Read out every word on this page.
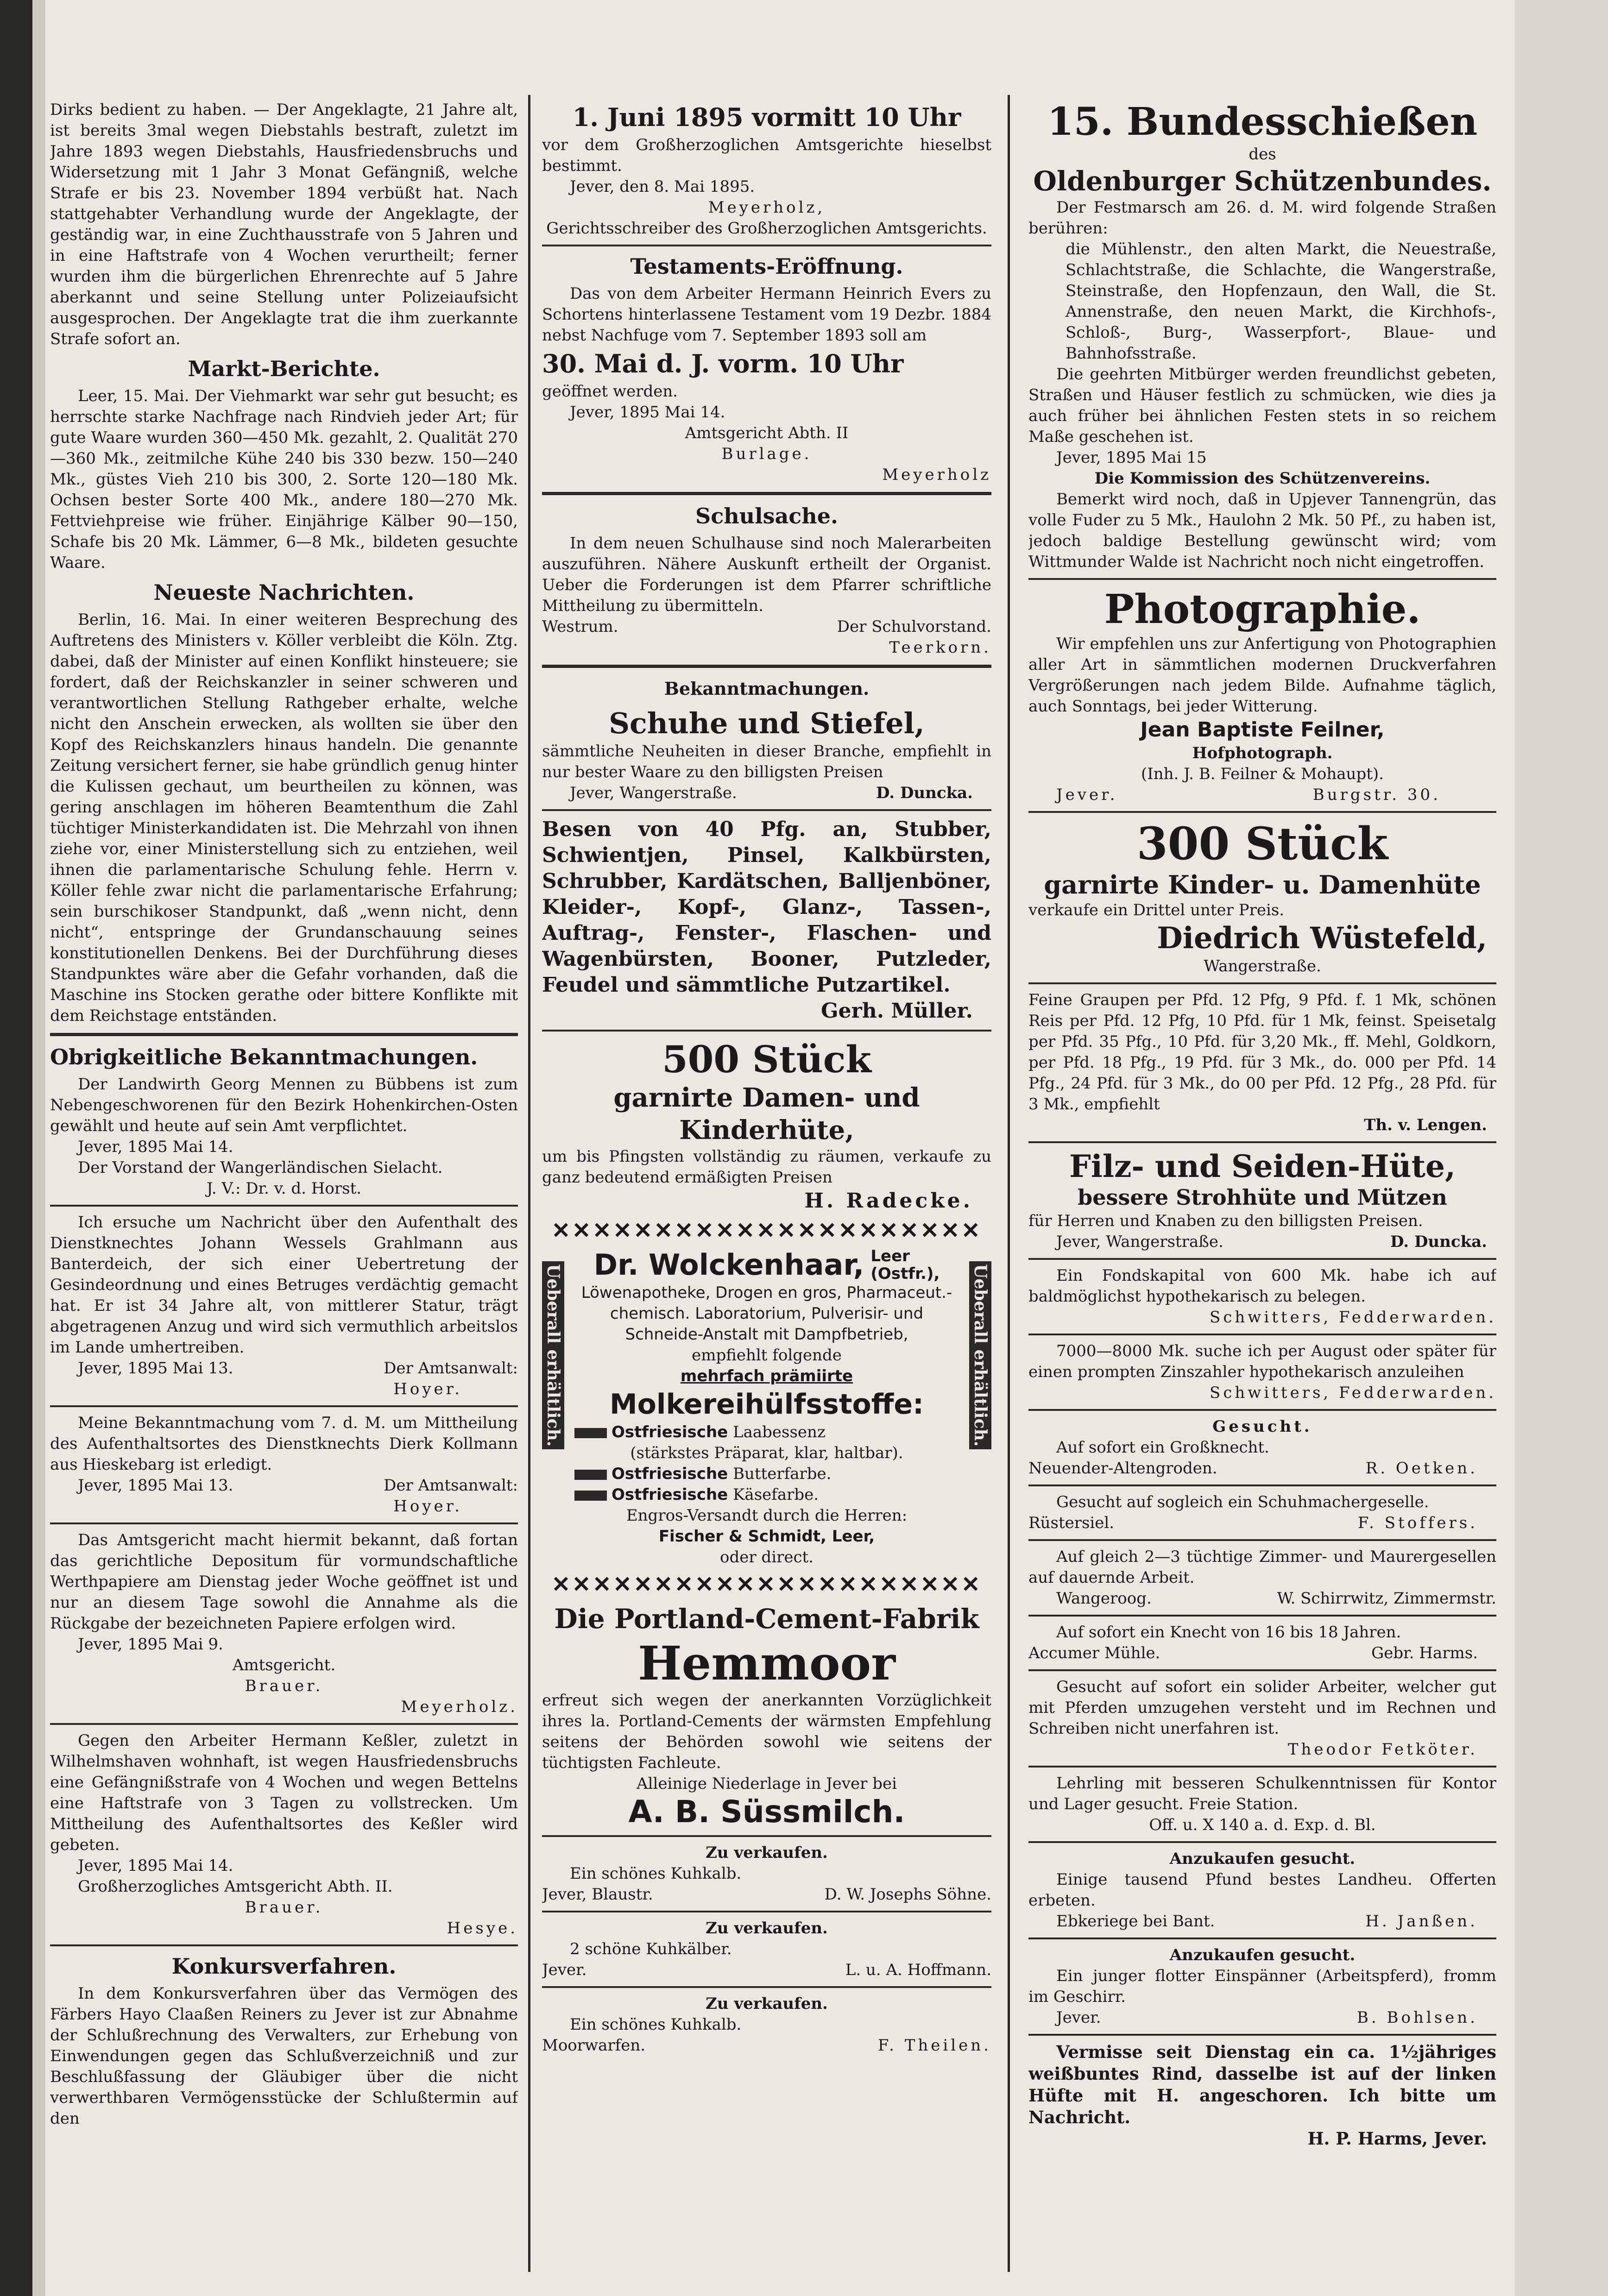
Dirks bedient zu haben. — Der Angeklagte, 21 Jahre alt, ist bereits 3mal wegen Diebstahls bestraft, zuletzt im Jahre 1893 wegen Diebstahls, Hausfriedensbruchs und Widersetzung mit 1 Jahr 3 Monat Gefängniß, welche Strafe er bis 23. November 1894 verbüßt hat. Nach stattgehabter Verhandlung wurde der Angeklagte, der geständig war, in eine Zuchthausstrafe von 5 Jahren und in eine Haftstrafe von 4 Wochen verurtheilt; ferner wurden ihm die bürgerlichen Ehrenrechte auf 5 Jahre aberkannt und seine Stellung unter Polizeiaufsicht ausgesprochen. Der Angeklagte trat die ihm zuerkannte Strafe sofort an.

Markt-Berichte.

Leer, 15. Mai. Der Viehmarkt war sehr gut besucht; es herrschte starke Nachfrage nach Rindvieh jeder Art; für gute Waare wurden 360—450 Mk. gezahlt, 2. Qualität 270—360 Mk., zeitmilche Kühe 240 bis 330 bezw. 150—240 Mk., güstes Vieh 210 bis 300, 2. Sorte 120—180 Mk. Ochsen bester Sorte 400 Mk., andere 180—270 Mk. Fettviehpreise wie früher. Einjährige Kälber 90—150, Schafe bis 20 Mk. Lämmer, 6—8 Mk., bildeten gesuchte Waare.

Neueste Nachrichten.

Berlin, 16. Mai. In einer weiteren Besprechung des Auftretens des Ministers v. Köller verbleibt die Köln. Ztg. dabei, daß der Minister auf einen Konflikt hinsteuere; sie fordert, daß der Reichskanzler in seiner schweren und verantwortlichen Stellung Rathgeber erhalte, welche nicht den Anschein erwecken, als wollten sie über den Kopf des Reichskanzlers hinaus handeln. Die genannte Zeitung versichert ferner, sie habe gründlich genug hinter die Kulissen gechaut, um beurtheilen zu können, was gering anschlagen im höheren Beamtenthum die Zahl tüchtiger Ministerkandidaten ist. Die Mehrzahl von ihnen ziehe vor, einer Ministerstellung sich zu entziehen, weil ihnen die parlamentarische Schulung fehle. Herrn v. Köller fehle zwar nicht die parlamentarische Erfahrung; sein burschikoser Standpunkt, daß „wenn nicht, denn nicht“, entspringe der Grundanschauung seines konstitutionellen Denkens. Bei der Durchführung dieses Standpunktes wäre aber die Gefahr vorhanden, daß die Maschine ins Stocken gerathe oder bittere Konflikte mit dem Reichstage entständen.

Obrigkeitliche Bekanntmachungen.

Der Landwirth Georg Mennen zu Bübbens ist zum Nebengeschworenen für den Bezirk Hohenkirchen-Osten gewählt und heute auf sein Amt verpflichtet.

Jever, 1895 Mai 14.

Der Vorstand der Wangerländischen Sielacht.

J. V.: Dr. v. d. Horst.

Ich ersuche um Nachricht über den Aufenthalt des Dienstknechtes Johann Wessels Grahlmann aus Banterdeich, der sich einer Uebertretung der Gesindeordnung und eines Betruges verdächtig gemacht hat. Er ist 34 Jahre alt, von mittlerer Statur, trägt abgetragenen Anzug und wird sich vermuthlich arbeitslos im Lande umhertreiben.

Jever, 1895 Mai 13.	Der Amtsanwalt:

Hoyer.

Meine Bekanntmachung vom 7. d. M. um Mittheilung des Aufenthaltsortes des Dienstknechts Dierk Kollmann aus Hieskebarg ist erledigt.

Jever, 1895 Mai 13.	Der Amtsanwalt:

Hoyer.

Das Amtsgericht macht hiermit bekannt, daß fortan das gerichtliche Depositum für vormundschaftliche Werthpapiere am Dienstag jeder Woche geöffnet ist und nur an diesem Tage sowohl die Annahme als die Rückgabe der bezeichneten Papiere erfolgen wird.

Jever, 1895 Mai 9.

Amtsgericht.

Brauer.

Meyerholz.

Gegen den Arbeiter Hermann Keßler, zuletzt in Wilhelmshaven wohnhaft, ist wegen Hausfriedensbruchs eine Gefängnißstrafe von 4 Wochen und wegen Bettelns eine Haftstrafe von 3 Tagen zu vollstrecken. Um Mittheilung des Aufenthaltsortes des Keßler wird gebeten.

Jever, 1895 Mai 14.

Großherzogliches Amtsgericht Abth. II.

Brauer.

Hesye.

Konkursverfahren.

In dem Konkursverfahren über das Vermögen des Färbers Hayo Claaßen Reiners zu Jever ist zur Abnahme der Schlußrechnung des Verwalters, zur Erhebung von Einwendungen gegen das Schlußverzeichniß und zur Beschlußfassung der Gläubiger über die nicht verwerthbaren Vermögensstücke der Schlußtermin auf den

1. Juni 1895 vormitt 10 Uhr

vor dem Großherzoglichen Amtsgerichte hieselbst bestimmt.

Jever, den 8. Mai 1895.

Meyerholz,

Gerichtsschreiber des Großherzoglichen Amtsgerichts.

Testaments-Eröffnung.

Das von dem Arbeiter Hermann Heinrich Evers zu Schortens hinterlassene Testament vom 19 Dezbr. 1884 nebst Nachfuge vom 7. September 1893 soll am

30. Mai d. J. vorm. 10 Uhr

geöffnet werden.

Jever, 1895 Mai 14.

Amtsgericht Abth. II

Burlage.

Meyerholz

Schulsache.

In dem neuen Schulhause sind noch Malerarbeiten auszuführen. Nähere Auskunft ertheilt der Organist. Ueber die Forderungen ist dem Pfarrer schriftliche Mittheilung zu übermitteln.

Westrum.	Der Schulvorstand.

Teerkorn.

Bekanntmachungen.
Schuhe und Stiefel,

sämmtliche Neuheiten in dieser Branche, empfiehlt in nur bester Waare zu den billigsten Preisen

Jever, Wangerstraße.	D. Duncka.

Besen von 40 Pfg. an, Stubber, Schwientjen, Pinsel, Kalkbürsten, Schrubber, Kardätschen, Balljenböner, Kleider-, Kopf-, Glanz-, Tassen-, Auftrag-, Fenster-, Flaschen- und Wagenbürsten, Booner, Putzleder, Feudel und sämmtliche Putzartikel.

Gerh. Müller.

500 Stück
garnirte Damen- und Kinderhüte,

um bis Pfingsten vollständig zu räumen, verkaufe zu ganz bedeutend ermäßigten Preisen

H. Radecke.

✕✕✕✕✕✕✕✕✕✕✕✕✕✕✕✕✕✕✕✕✕
Ueberall erhältlich.	Ueberall erhältlich.
Dr. Wolckenhaar, Leer
(Ostfr.),

Löwenapotheke, Drogen en gros, Pharmaceut.-chemisch. Laboratorium, Pulverisir- und Schneide-Anstalt mit Dampfbetrieb,

empfiehlt folgende

mehrfach prämiirte

Molkereihülfsstoffe:

Ostfriesische Laabessenz

(stärkstes Präparat, klar, haltbar).

Ostfriesische Butterfarbe.

Ostfriesische Käsefarbe.

Engros-Versandt durch die Herren:

Fischer & Schmidt, Leer,

oder direct.

✕✕✕✕✕✕✕✕✕✕✕✕✕✕✕✕✕✕✕✕✕
Die Portland-Cement-Fabrik
Hemmoor

erfreut sich wegen der anerkannten Vorzüglichkeit ihres la. Portland-Cements der wärmsten Empfehlung seitens der Behörden sowohl wie seitens der tüchtigsten Fachleute.

Alleinige Niederlage in Jever bei

A. B. Süssmilch.

Zu verkaufen.

Ein schönes Kuhkalb.

Jever, Blaustr.	D. W. Josephs Söhne.

Zu verkaufen.

2 schöne Kuhkälber.

Jever.	L. u. A. Hoffmann.

Zu verkaufen.

Ein schönes Kuhkalb.

Moorwarfen.	F. Theilen.
15. Bundesschießen

des

Oldenburger Schützenbundes.

Der Festmarsch am 26. d. M. wird folgende Straßen berühren:

die Mühlenstr., den alten Markt, die Neuestraße, Schlachtstraße, die Schlachte, die Wangerstraße, Steinstraße, den Hopfenzaun, den Wall, die St. Annenstraße, den neuen Markt, die Kirchhofs-, Schloß-, Burg-, Wasserpfort-, Blaue- und Bahnhofsstraße.

Die geehrten Mitbürger werden freundlichst gebeten, Straßen und Häuser festlich zu schmücken, wie dies ja auch früher bei ähnlichen Festen stets in so reichem Maße geschehen ist.

Jever, 1895 Mai 15

Die Kommission des Schützenvereins.

Bemerkt wird noch, daß in Upjever Tannengrün, das volle Fuder zu 5 Mk., Haulohn 2 Mk. 50 Pf., zu haben ist, jedoch baldige Bestellung gewünscht wird; vom Wittmunder Walde ist Nachricht noch nicht eingetroffen.

Photographie.

Wir empfehlen uns zur Anfertigung von Photographien aller Art in sämmtlichen modernen Druckverfahren Vergrößerungen nach jedem Bilde. Aufnahme täglich, auch Sonntags, bei jeder Witterung.

Jean Baptiste Feilner,

Hofphotograph.

(Inh. J. B. Feilner & Mohaupt).

Jever.	Burgstr. 30.
300 Stück
garnirte Kinder- u. Damenhüte

verkaufe ein Drittel unter Preis.

Diedrich Wüstefeld,

Wangerstraße.

Feine Graupen per Pfd. 12 Pfg, 9 Pfd. f. 1 Mk, schönen Reis per Pfd. 12 Pfg, 10 Pfd. für 1 Mk, feinst. Speisetalg per Pfd. 35 Pfg., 10 Pfd. für 3,20 Mk., ff. Mehl, Goldkorn, per Pfd. 18 Pfg., 19 Pfd. für 3 Mk., do. 000 per Pfd. 14 Pfg., 24 Pfd. für 3 Mk., do 00 per Pfd. 12 Pfg., 28 Pfd. für 3 Mk., empfiehlt

Th. v. Lengen.

Filz- und Seiden-Hüte,
bessere Strohhüte und Mützen

für Herren und Knaben zu den billigsten Preisen.

Jever, Wangerstraße.	D. Duncka.

Ein Fondskapital von 600 Mk. habe ich auf baldmöglichst hypothekarisch zu belegen.

Schwitters, Fedderwarden.

7000—8000 Mk. suche ich per August oder später für einen prompten Zinszahler hypothekarisch anzuleihen

Schwitters, Fedderwarden.

Gesucht.

Auf sofort ein Großknecht.

Neuender-Altengroden.	R. Oetken.

Gesucht auf sogleich ein Schuhmachergeselle.

Rüstersiel.	F. Stoffers.

Auf gleich 2—3 tüchtige Zimmer- und Maurergesellen auf dauernde Arbeit.

Wangeroog.	W. Schirrwitz, Zimmermstr.

Auf sofort ein Knecht von 16 bis 18 Jahren.

Accumer Mühle.	Gebr. Harms.

Gesucht auf sofort ein solider Arbeiter, welcher gut mit Pferden umzugehen versteht und im Rechnen und Schreiben nicht unerfahren ist.

Theodor Fetköter.

Lehrling mit besseren Schulkenntnissen für Kontor und Lager gesucht. Freie Station.

Off. u. X 140 a. d. Exp. d. Bl.

Anzukaufen gesucht.

Einige tausend Pfund bestes Landheu. Offerten erbeten.

Ebkeriege bei Bant.	H. Janßen.

Anzukaufen gesucht.

Ein junger flotter Einspänner (Arbeitspferd), fromm im Geschirr.

Jever.	B. Bohlsen.

Vermisse seit Dienstag ein ca. 1½jähriges weißbuntes Rind, dasselbe ist auf der linken Hüfte mit H. angeschoren. Ich bitte um Nachricht.

H. P. Harms, Jever.
